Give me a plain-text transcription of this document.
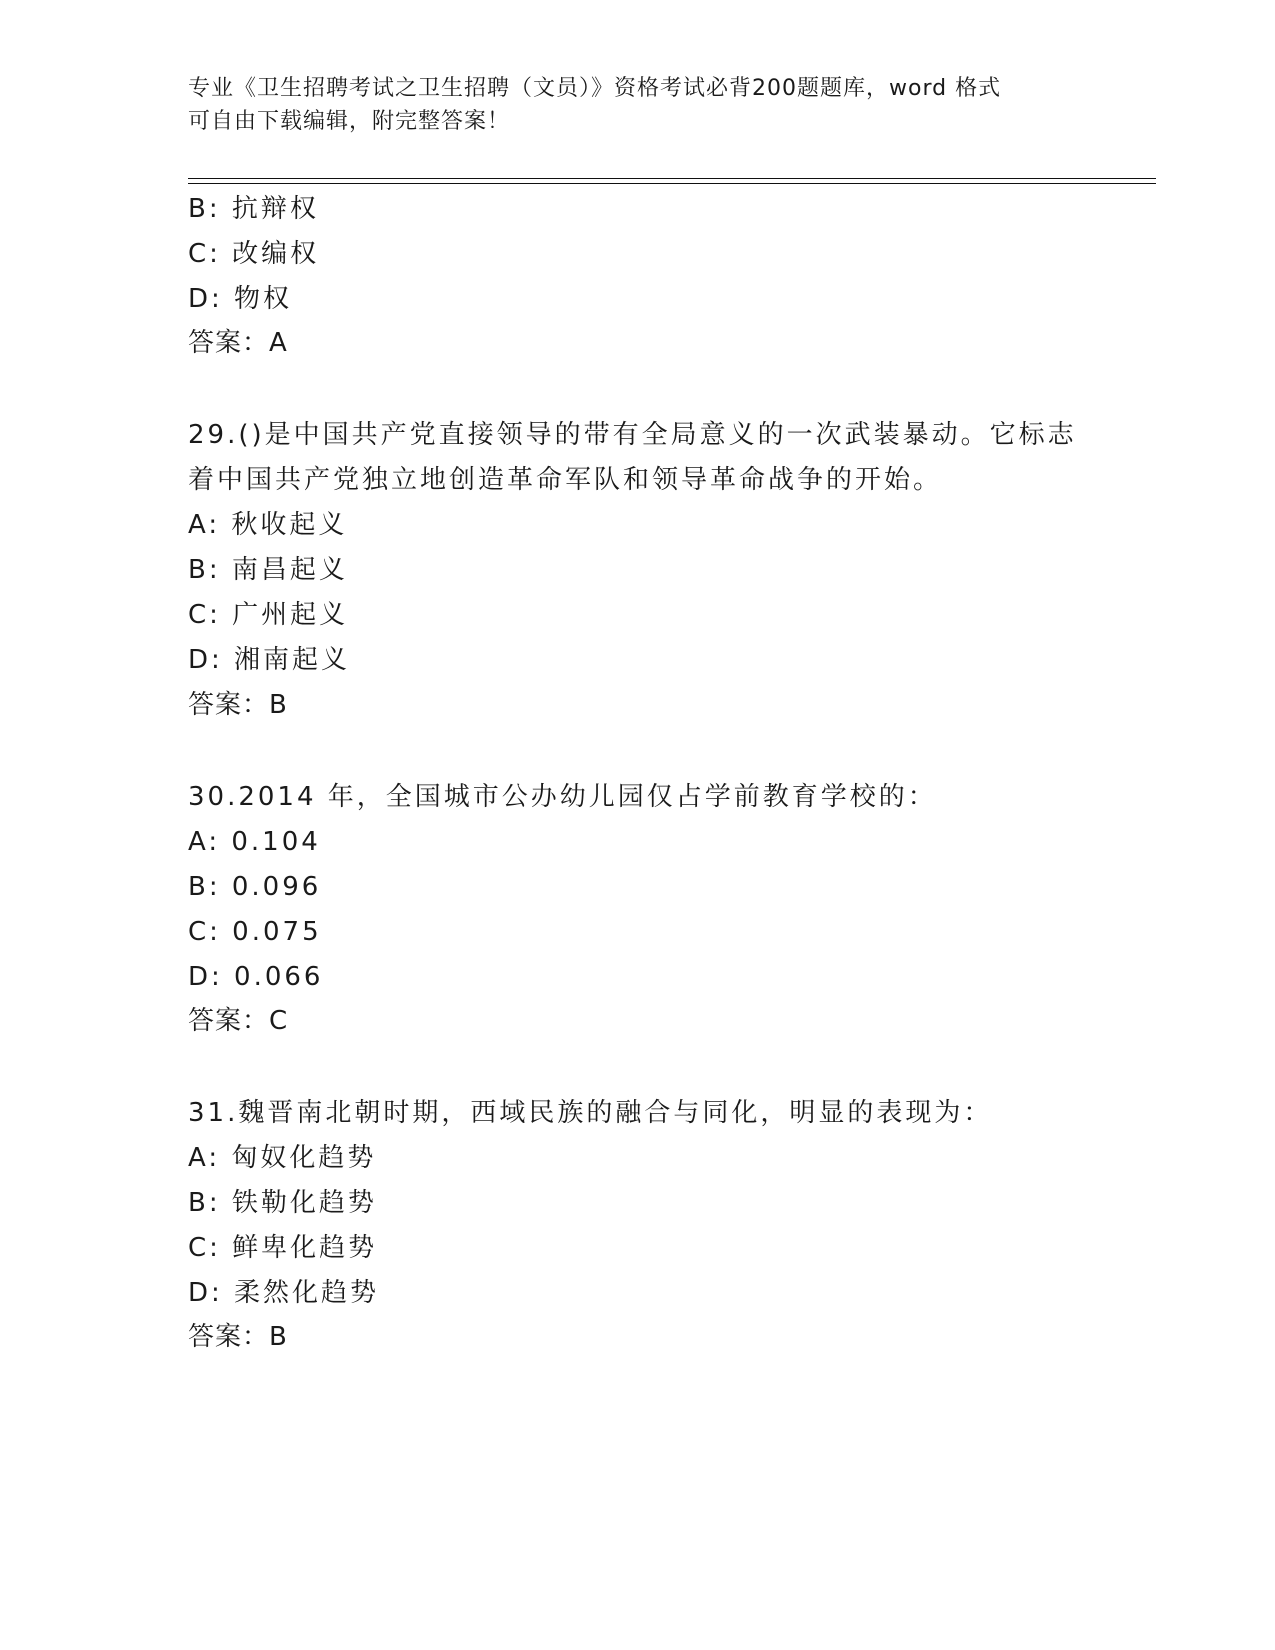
专业《卫生招聘考试之卫生招聘（文员）》资格考试必背200题题库，word 格式
可自由下载编辑，附完整答案！
B: 抗辩权
C: 改编权
D: 物权
答案：A
29.()是中国共产党直接领导的带有全局意义的一次武装暴动。它标志
着中国共产党独立地创造革命军队和领导革命战争的开始。
A: 秋收起义
B: 南昌起义
C: 广州起义
D: 湘南起义
答案：B
30.2014 年，全国城市公办幼儿园仅占学前教育学校的：
A: 0.104
B: 0.096
C: 0.075
D: 0.066
答案：C
31.魏晋南北朝时期，西域民族的融合与同化，明显的表现为：
A: 匈奴化趋势
B: 铁勒化趋势
C: 鲜卑化趋势
D: 柔然化趋势
答案：B
